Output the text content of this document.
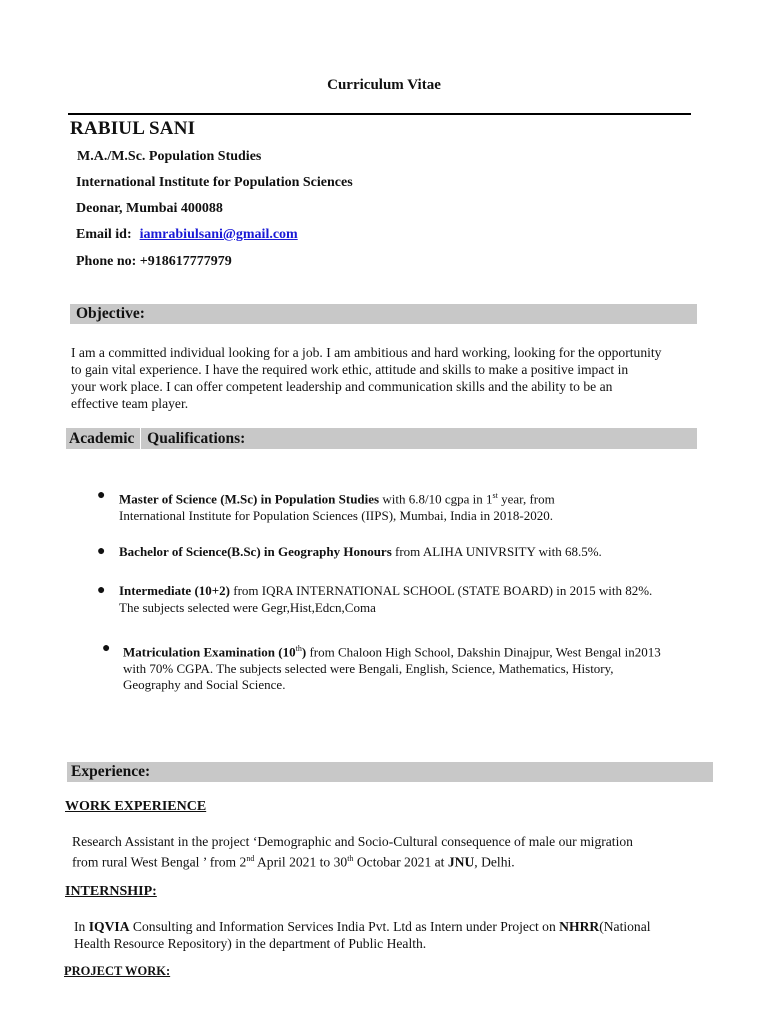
Curriculum Vitae
RABIUL SANI
M.A./M.Sc. Population Studies
International Institute for Population Sciences
Deonar, Mumbai 400088
Email id: iamrabiulsani@gmail.com
Phone no: +918617777979
Objective:
I am a committed individual looking for a job. I am ambitious and hard working, looking for the opportunity
to gain vital experience. I have the required work ethic, attitude and skills to make a positive impact in
your work place. I can offer competent leadership and communication skills and the ability to be an
effective team player.
Academic Qualifications:
● Master of Science (M.Sc) in Population Studies with 6.8/10 cgpa in 1st year, from
International Institute for Population Sciences (IIPS), Mumbai, India in 2018-2020.
● Bachelor of Science(B.Sc) in Geography Honours from ALIHA UNIVRSITY with 68.5%.
● Intermediate (10+2) from IQRA INTERNATIONAL SCHOOL (STATE BOARD) in 2015 with 82%.
The subjects selected were Gegr,Hist,Edcn,Coma
● Matriculation Examination (10th) from Chaloon High School, Dakshin Dinajpur, West Bengal in2013
with 70% CGPA. The subjects selected were Bengali, English, Science, Mathematics, History,
Geography and Social Science.
Experience:
WORK EXPERIENCE
Research Assistant in the project ‘Demographic and Socio-Cultural consequence of male our migration
from rural West Bengal ’ from 2nd April 2021 to 30th Octobar 2021 at JNU, Delhi.
INTERNSHIP:
In IQVIA Consulting and Information Services India Pvt. Ltd as Intern under Project on NHRR(National
Health Resource Repository) in the department of Public Health.
PROJECT WORK:
